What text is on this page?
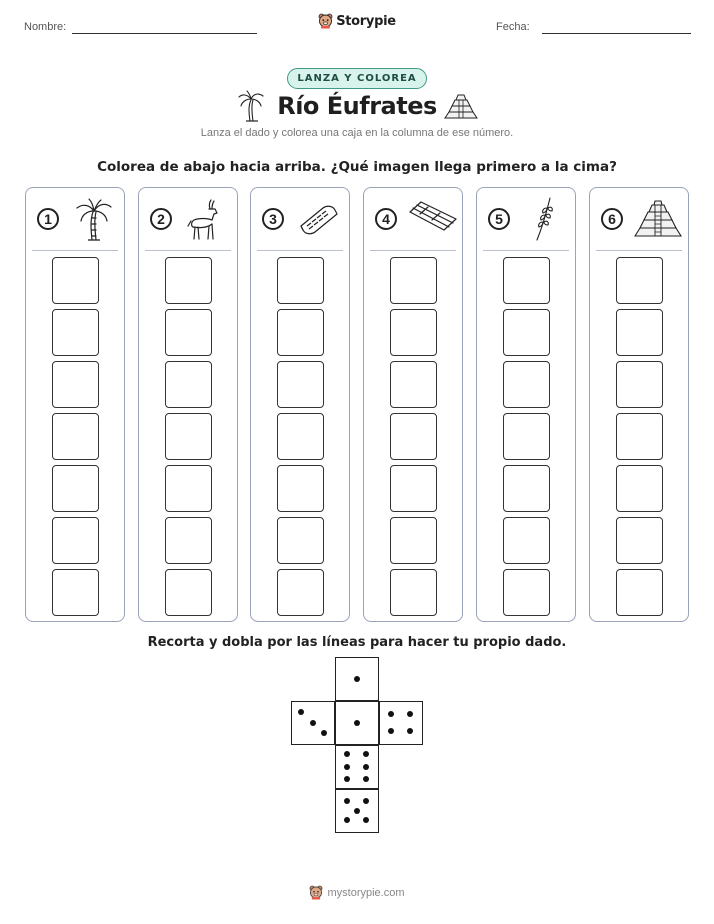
Nombre:	Fecha:
Storypie
LANZA Y COLOREA
Río Éufrates
Lanza el dado y colorea una caja en la columna de ese número.
Colorea de abajo hacia arriba. ¿Qué imagen llega primero a la cima?
1	2	3	4	5	6
Recorta y dobla por las líneas para hacer tu propio dado.
mystorypie.com
